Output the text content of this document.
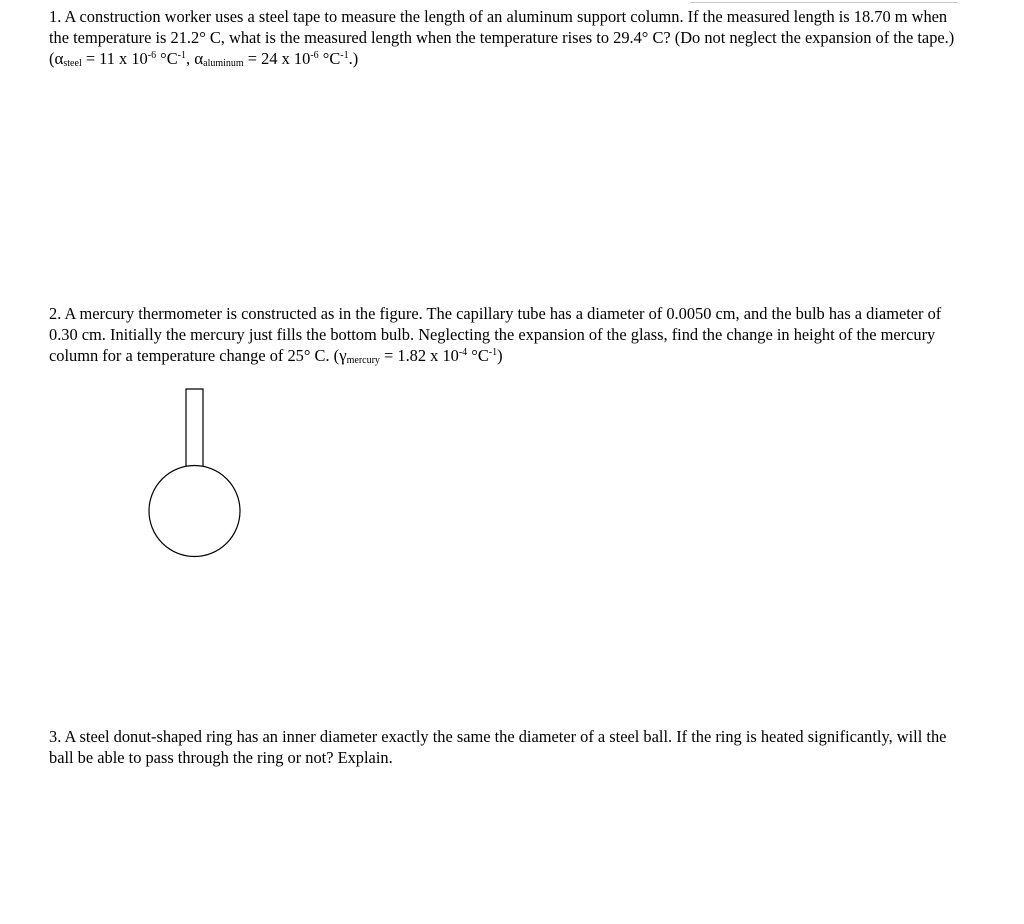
1. A construction worker uses a steel tape to measure the length of an aluminum support column. If the measured length is 18.70 m when the temperature is 21.2° C, what is the measured length when the temperature rises to 29.4° C? (Do not neglect the expansion of the tape.) ($\alpha_{steel} = 11$ x $10^{-6}$ $^\circ C^{-1}$, $\alpha_{aluminum} = 24$ x $10^{-6}$ $^\circ C^{-1}$.)

2. A mercury thermometer is constructed as in the figure. The capillary tube has a diameter of 0.0050 cm, and the bulb has a diameter of 0.30 cm. Initially the mercury just fills the bottom bulb. Neglecting the expansion of the glass, find the change in height of the mercury column for a temperature change of 25° C. ($\gamma_{mercury} = 1.82$ x $10^{-4}$ $^\circ C^{-1}$)

3. A steel donut-shaped ring has an inner diameter exactly the same the diameter of a steel ball. If the ring is heated significantly, will the ball be able to pass through the ring or not? Explain.
